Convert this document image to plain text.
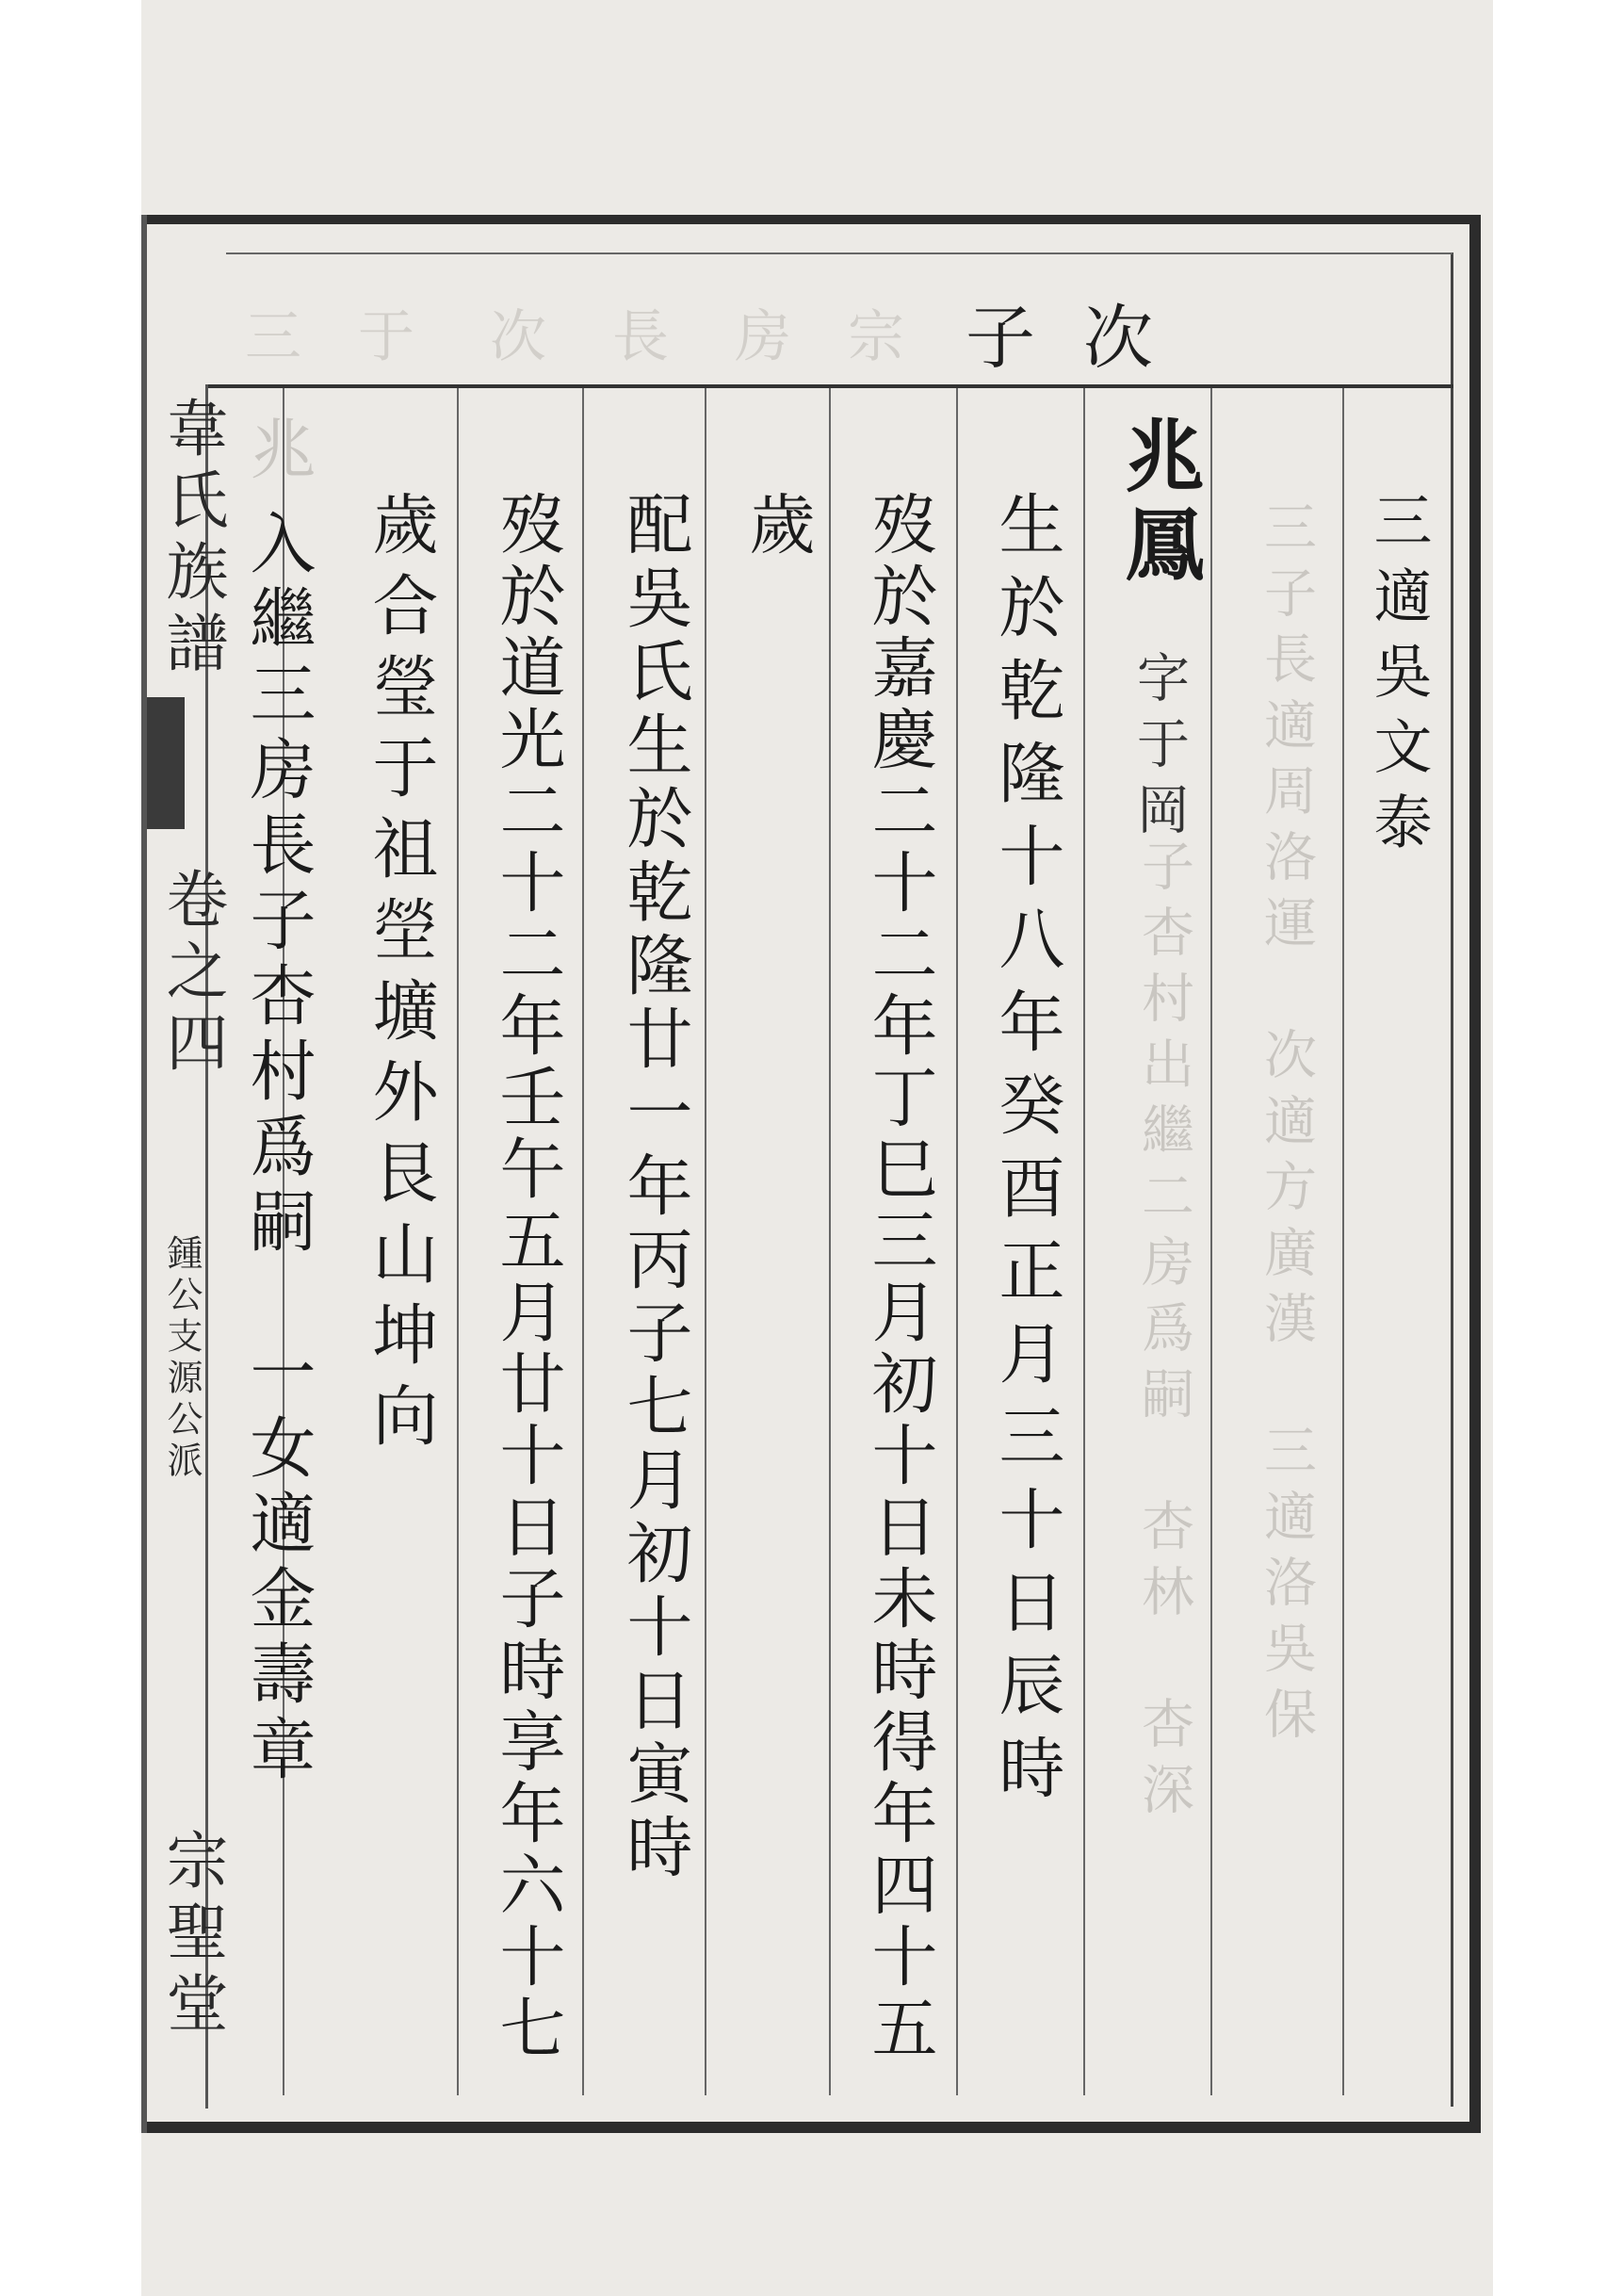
次
子
三 于 次 長 房 宗
三子長適周洛運　次適方廣漢　三適洛吳保
子杏村出繼二房爲嗣　杏林　杏深
三適吳文泰
兆鳳
字于岡
生於乾隆十八年癸酉正月三十日辰時
歿於嘉慶二十二年丁巳三月初十日未時得年四十五
歲
配吳氏生於乾隆廿一年丙子七月初十日寅時
歿於道光二十二年壬午五月廿十日子時享年六十七
歲合瑩于祖塋壙外艮山坤向
兆
入繼三房長子杏村爲嗣　一女適金壽章
韋氏族譜
卷之四
鍾公支源公派
宗聖堂
